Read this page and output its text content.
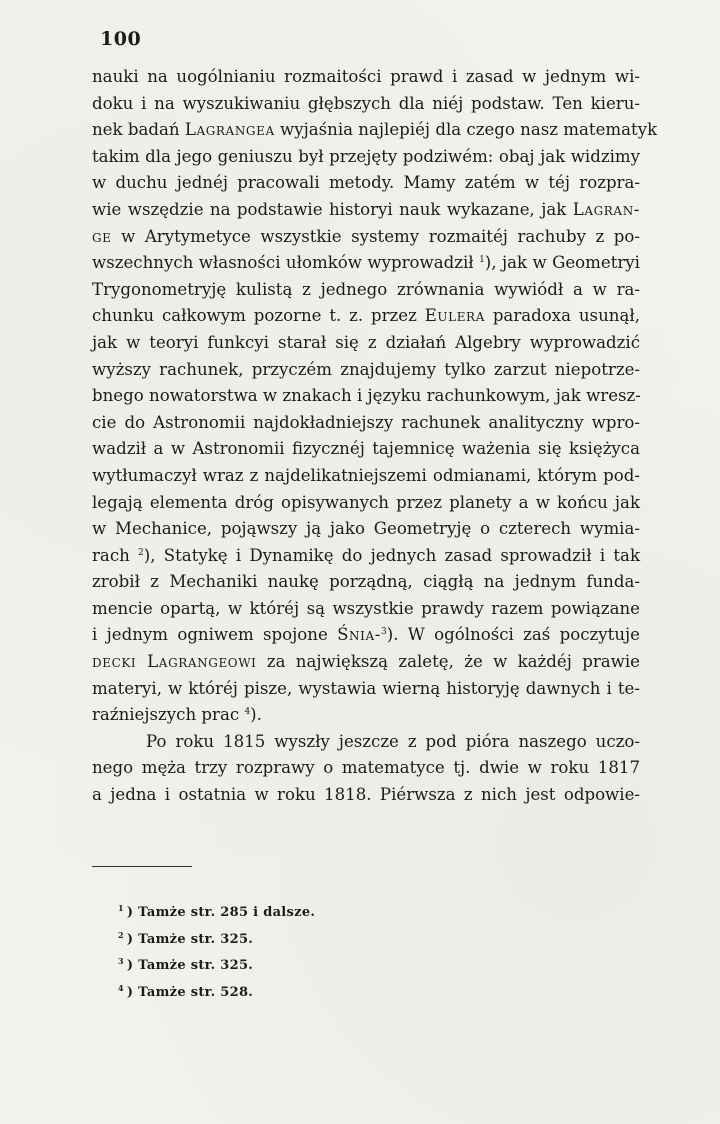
100
nauki na uogólnianiu rozmaitości prawd i zasad w jednym wi-
doku i na wyszukiwaniu głębszych dla niéj podstaw. Ten kieru-
nek badań Lagrangea wyjaśnia najlepiéj dla czego nasz matematyk
takim dla jego geniuszu był przejęty podziwém: obaj jak widzimy
w duchu jednéj pracowali metody. Mamy zatém w téj rozpra-
wie wszędzie na podstawie historyi nauk wykazane, jak Lagran-
ge w Arytymetyce wszystkie systemy rozmaitéj rachuby z po-
wszechnych własności ułomków wyprowadził $^1$), jak w Geometryi
Trygonometryję kulistą z jednego zrównania wywiódł a w ra-
chunku całkowym pozorne t. z. przez Eulera paradoxa usunął,
jak w teoryi funkcyi starał się z działań Algebry wyprowadzić
wyższy rachunek, przyczém znajdujemy tylko zarzut niepotrze-
bnego nowatorstwa w znakach i języku rachunkowym, jak wresz-
cie do Astronomii najdokładniejszy rachunek analityczny wpro-
wadził a w Astronomii fizycznéj tajemnicę ważenia się księżyca
wytłumaczył wraz z najdelikatniejszemi odmianami, którym pod-
legają elementa dróg opisywanych przez planety a w końcu jak
w Mechanice, pojąwszy ją jako Geometryję o czterech wymia-
rach $^2$), Statykę i Dynamikę do jednych zasad sprowadził i tak
zrobił z Mechaniki naukę porządną, ciągłą na jednym funda-
mencie opartą, w któréj są wszystkie prawdy razem powiązane
i jednym ogniwem spojone Śnia-$^3$). W ogólności zaś poczytuje
decki Lagrangeowi za największą zaletę, że w każdéj prawie
materyi, w któréj pisze, wystawia wierną historyję dawnych i te-
raźniejszych prac $^4$).
Po roku 1815 wyszły jeszcze z pod pióra naszego uczo-
nego męża trzy rozprawy o matematyce tj. dwie w roku 1817
a jedna i ostatnia w roku 1818. Piérwsza z nich jest odpowie-
$^1$ ) Tamże str. 285 i dalsze.
$^2$ ) Tamże str. 325.
$^3$ ) Tamże str. 325.
$^4$ ) Tamże str. 528.
